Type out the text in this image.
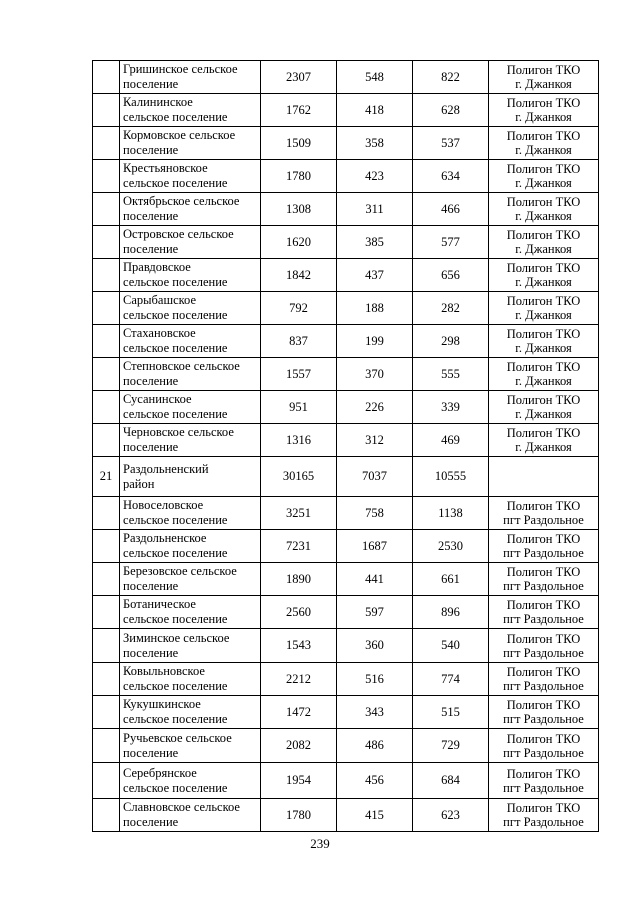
	Гришинское сельское
поселение	2307	548	822	Полигон ТКО
г. Джанкоя

	Калининское
сельское поселение	1762	418	628	Полигон ТКО
г. Джанкоя

	Кормовское сельское
поселение	1509	358	537	Полигон ТКО
г. Джанкоя

	Крестьяновское
сельское поселение	1780	423	634	Полигон ТКО
г. Джанкоя

	Октябрьское сельское
поселение	1308	311	466	Полигон ТКО
г. Джанкоя

	Островское сельское
поселение	1620	385	577	Полигон ТКО
г. Джанкоя

	Правдовское
сельское поселение	1842	437	656	Полигон ТКО
г. Джанкоя

	Сарыбашское
сельское поселение	792	188	282	Полигон ТКО
г. Джанкоя

	Стахановское
сельское поселение	837	199	298	Полигон ТКО
г. Джанкоя

	Степновское сельское
поселение	1557	370	555	Полигон ТКО
г. Джанкоя

	Сусанинское
сельское поселение	951	226	339	Полигон ТКО
г. Джанкоя

	Черновское сельское
поселение	1316	312	469	Полигон ТКО
г. Джанкоя

21	Раздольненский
район	30165	7037	10555	

	Новоселовское
сельское поселение	3251	758	1138	Полигон ТКО
пгт Раздольное

	Раздольненское
сельское поселение	7231	1687	2530	Полигон ТКО
пгт Раздольное

	Березовское сельское
поселение	1890	441	661	Полигон ТКО
пгт Раздольное

	Ботаническое
сельское поселение	2560	597	896	Полигон ТКО
пгт Раздольное

	Зиминское сельское
поселение	1543	360	540	Полигон ТКО
пгт Раздольное

	Ковыльновское
сельское поселение	2212	516	774	Полигон ТКО
пгт Раздольное

	Кукушкинское
сельское поселение	1472	343	515	Полигон ТКО
пгт Раздольное

	Ручьевское сельское
поселение	2082	486	729	Полигон ТКО
пгт Раздольное

	Серебрянское
сельское поселение	1954	456	684	Полигон ТКО
пгт Раздольное

	Славновское сельское
поселение	1780	415	623	Полигон ТКО
пгт Раздольное
239
